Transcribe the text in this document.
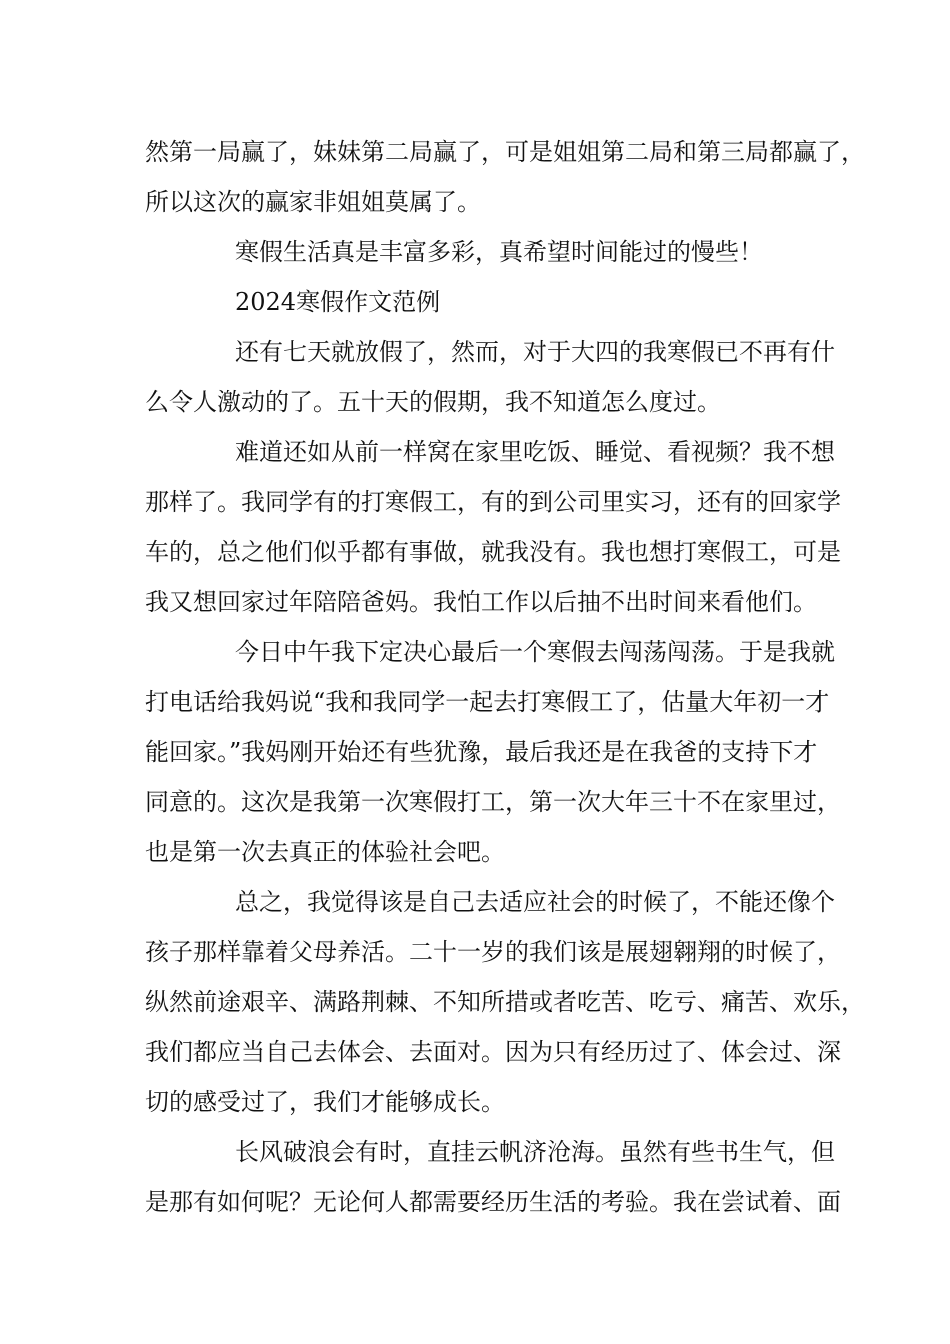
然第一局赢了，妹妹第二局赢了，可是姐姐第二局和第三局都赢了，
所以这次的赢家非姐姐莫属了。
寒假生活真是丰富多彩，真希望时间能过的慢些！
2024寒假作文范例
还有七天就放假了，然而，对于大四的我寒假已不再有什
么令人激动的了。五十天的假期，我不知道怎么度过。
难道还如从前一样窝在家里吃饭、睡觉、看视频？我不想
那样了。我同学有的打寒假工，有的到公司里实习，还有的回家学
车的，总之他们似乎都有事做，就我没有。我也想打寒假工，可是
我又想回家过年陪陪爸妈。我怕工作以后抽不出时间来看他们。
今日中午我下定决心最后一个寒假去闯荡闯荡。于是我就
打电话给我妈说“我和我同学一起去打寒假工了，估量大年初一才
能回家。”我妈刚开始还有些犹豫，最后我还是在我爸的支持下才
同意的。这次是我第一次寒假打工，第一次大年三十不在家里过，
也是第一次去真正的体验社会吧。
总之，我觉得该是自己去适应社会的时候了，不能还像个
孩子那样靠着父母养活。二十一岁的我们该是展翅翱翔的时候了，
纵然前途艰辛、满路荆棘、不知所措或者吃苦、吃亏、痛苦、欢乐，
我们都应当自己去体会、去面对。因为只有经历过了、体会过、深
切的感受过了，我们才能够成长。
长风破浪会有时，直挂云帆济沧海。虽然有些书生气，但
是那有如何呢？无论何人都需要经历生活的考验。我在尝试着、面
